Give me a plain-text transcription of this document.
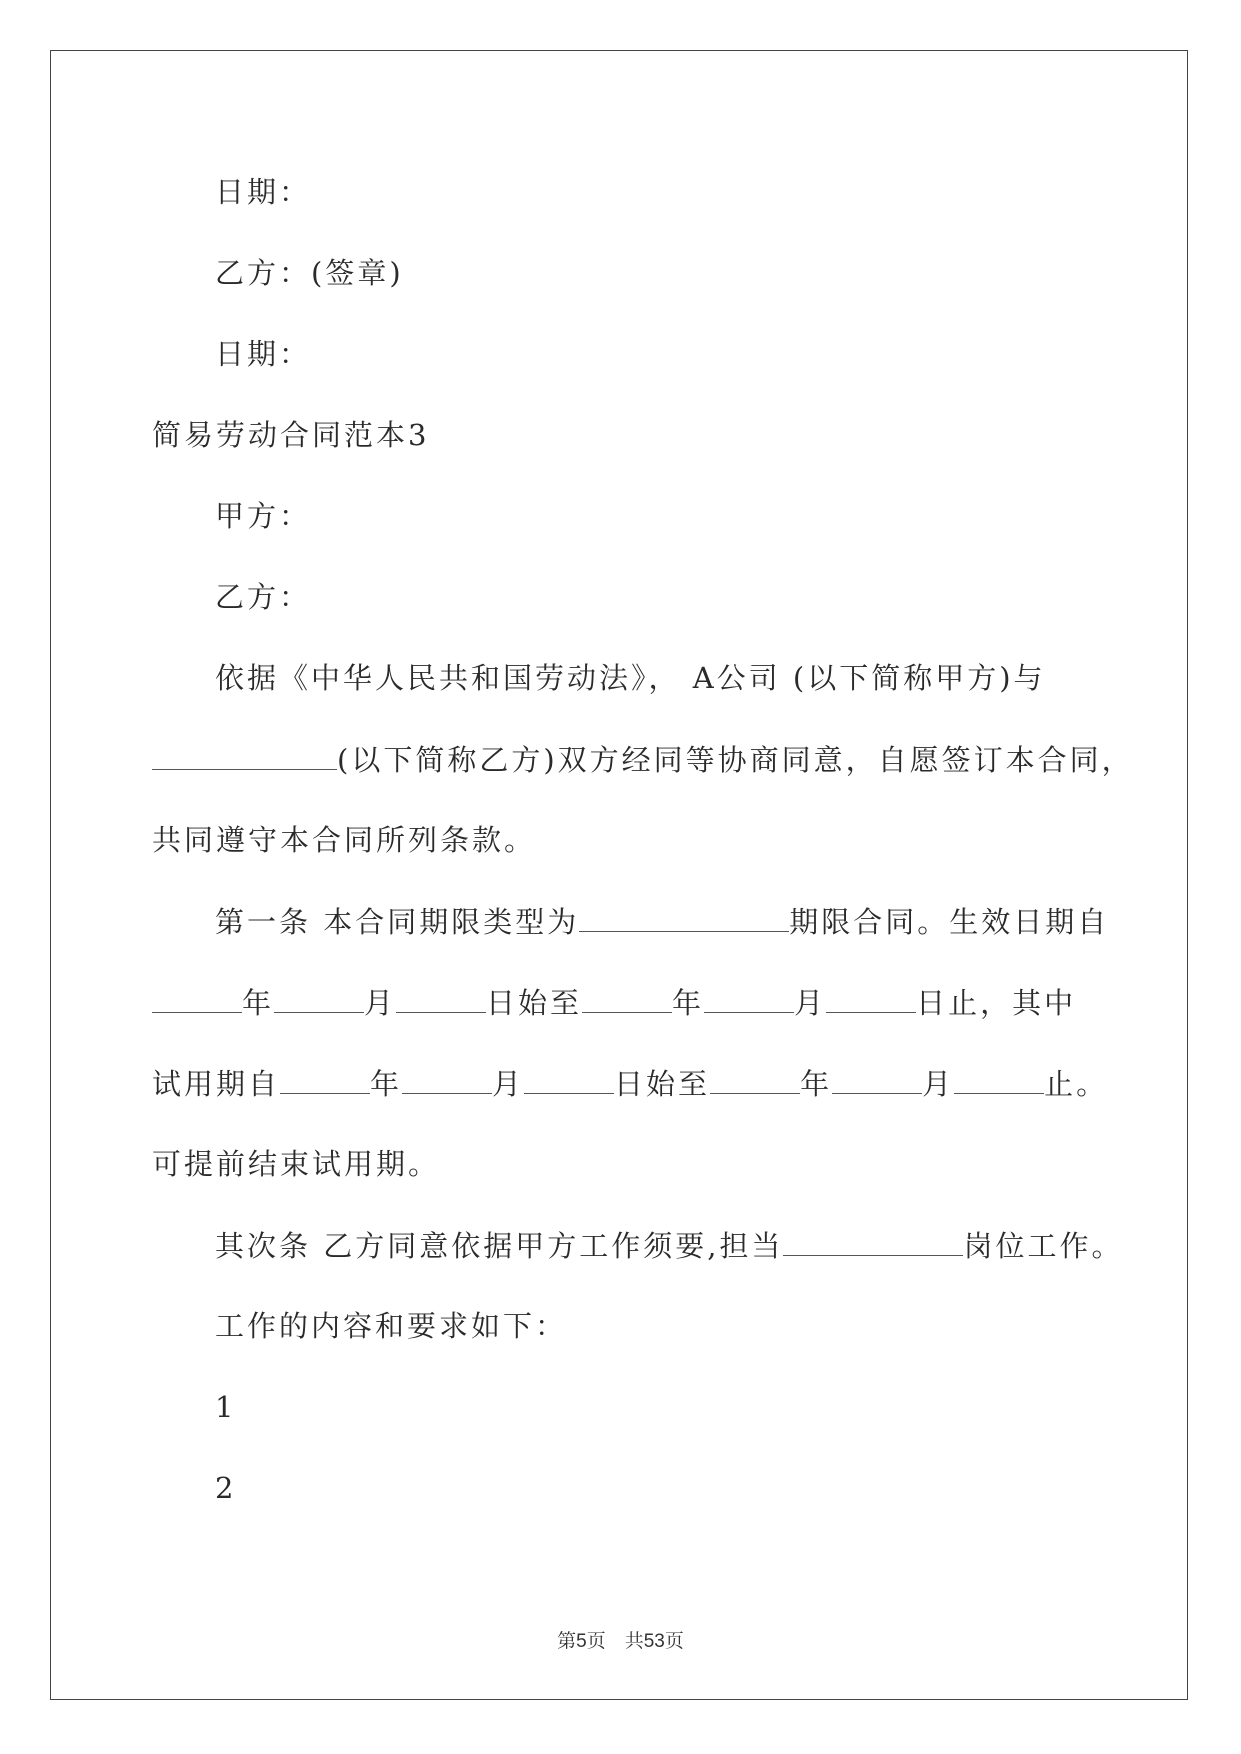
日期：
乙方：(签章)
日期：
简易劳动合同范本3
甲方：
乙方：
依据《中华人民共和国劳动法》， A公司 (以下简称甲方)与
(以下简称乙方)双方经同等协商同意，自愿签订本合同，
共同遵守本合同所列条款。
第一条 本合同期限类型为	期限合同。生效日期自
年	月	日始至	年	月	日止，其中
试用期自	年	月	日始至	年	月	止。
可提前结束试用期。
其次条 乙方同意依据甲方工作须要,担当	岗位工作。
工作的内容和要求如下：
1
2
第5页　共53页
